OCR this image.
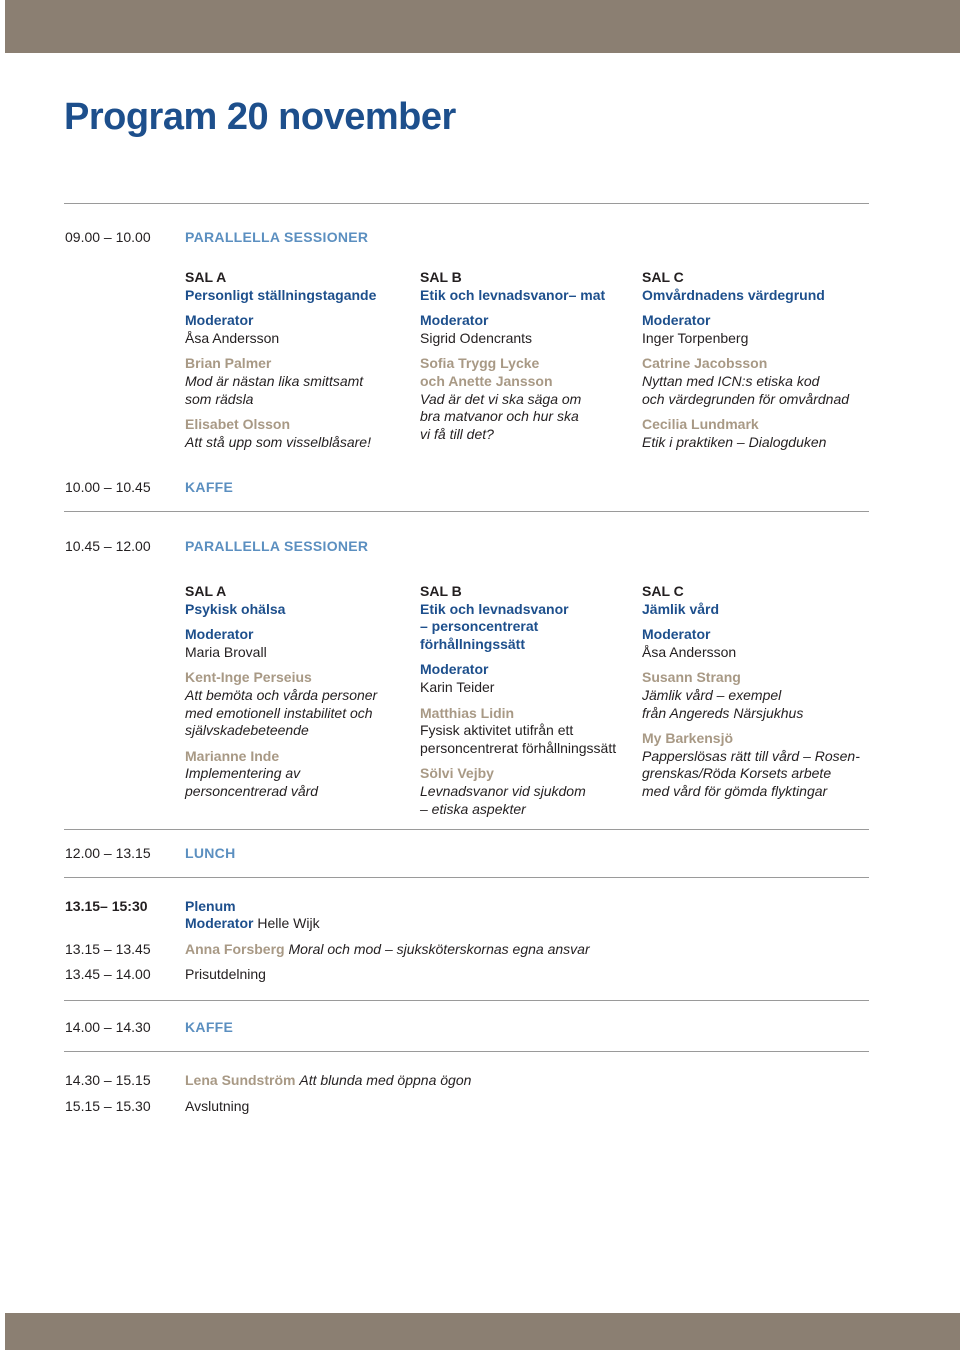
Program 20 november
09.00 – 10.00 PARALLELLA SESSIONER
SAL A
Personligt ställningstagande
Moderator
Åsa Andersson
Brian Palmer
Mod är nästan lika smittsamt
som rädsla
Elisabet Olsson
Att stå upp som visselblåsare!
SAL B
Etik och levnadsvanor– mat
Moderator
Sigrid Odencrants
Sofia Trygg Lycke
och Anette Jansson
Vad är det vi ska säga om
bra matvanor och hur ska
vi få till det?
SAL C
Omvårdnadens värdegrund
Moderator
Inger Torpenberg
Catrine Jacobsson
Nyttan med ICN:s etiska kod
och värdegrunden för omvårdnad
Cecilia Lundmark
Etik i praktiken – Dialogduken
10.00 – 10.45 KAFFE
10.45 – 12.00 PARALLELLA SESSIONER
SAL A
Psykisk ohälsa
Moderator
Maria Brovall
Kent-Inge Perseius
Att bemöta och vårda personer
med emotionell instabilitet och
självskadebeteende
Marianne Inde
Implementering av
personcentrerad vård
SAL B
Etik och levnadsvanor
– personcentrerat
förhållningssätt
Moderator
Karin Teider
Matthias Lidin
Fysisk aktivitet utifrån ett
personcentrerat förhållningssätt
Sölvi Vejby
Levnadsvanor vid sjukdom
– etiska aspekter
SAL C
Jämlik vård
Moderator
Åsa Andersson
Susann Strang
Jämlik vård – exempel
från Angereds Närsjukhus
My Barkensjö
Papperslösas rätt till vård – Rosen-
grenskas/Röda Korsets arbete
med vård för gömda flyktingar
12.00 – 13.15 LUNCH
13.15– 15:30	Plenum
Moderator Helle Wijk
13.15 – 13.45 Anna Forsberg Moral och mod – sjuksköterskornas egna ansvar
13.45 – 14.00 Prisutdelning
14.00 – 14.30 KAFFE
14.30 – 15.15 Lena Sundström Att blunda med öppna ögon
15.15 – 15.30 Avslutning
